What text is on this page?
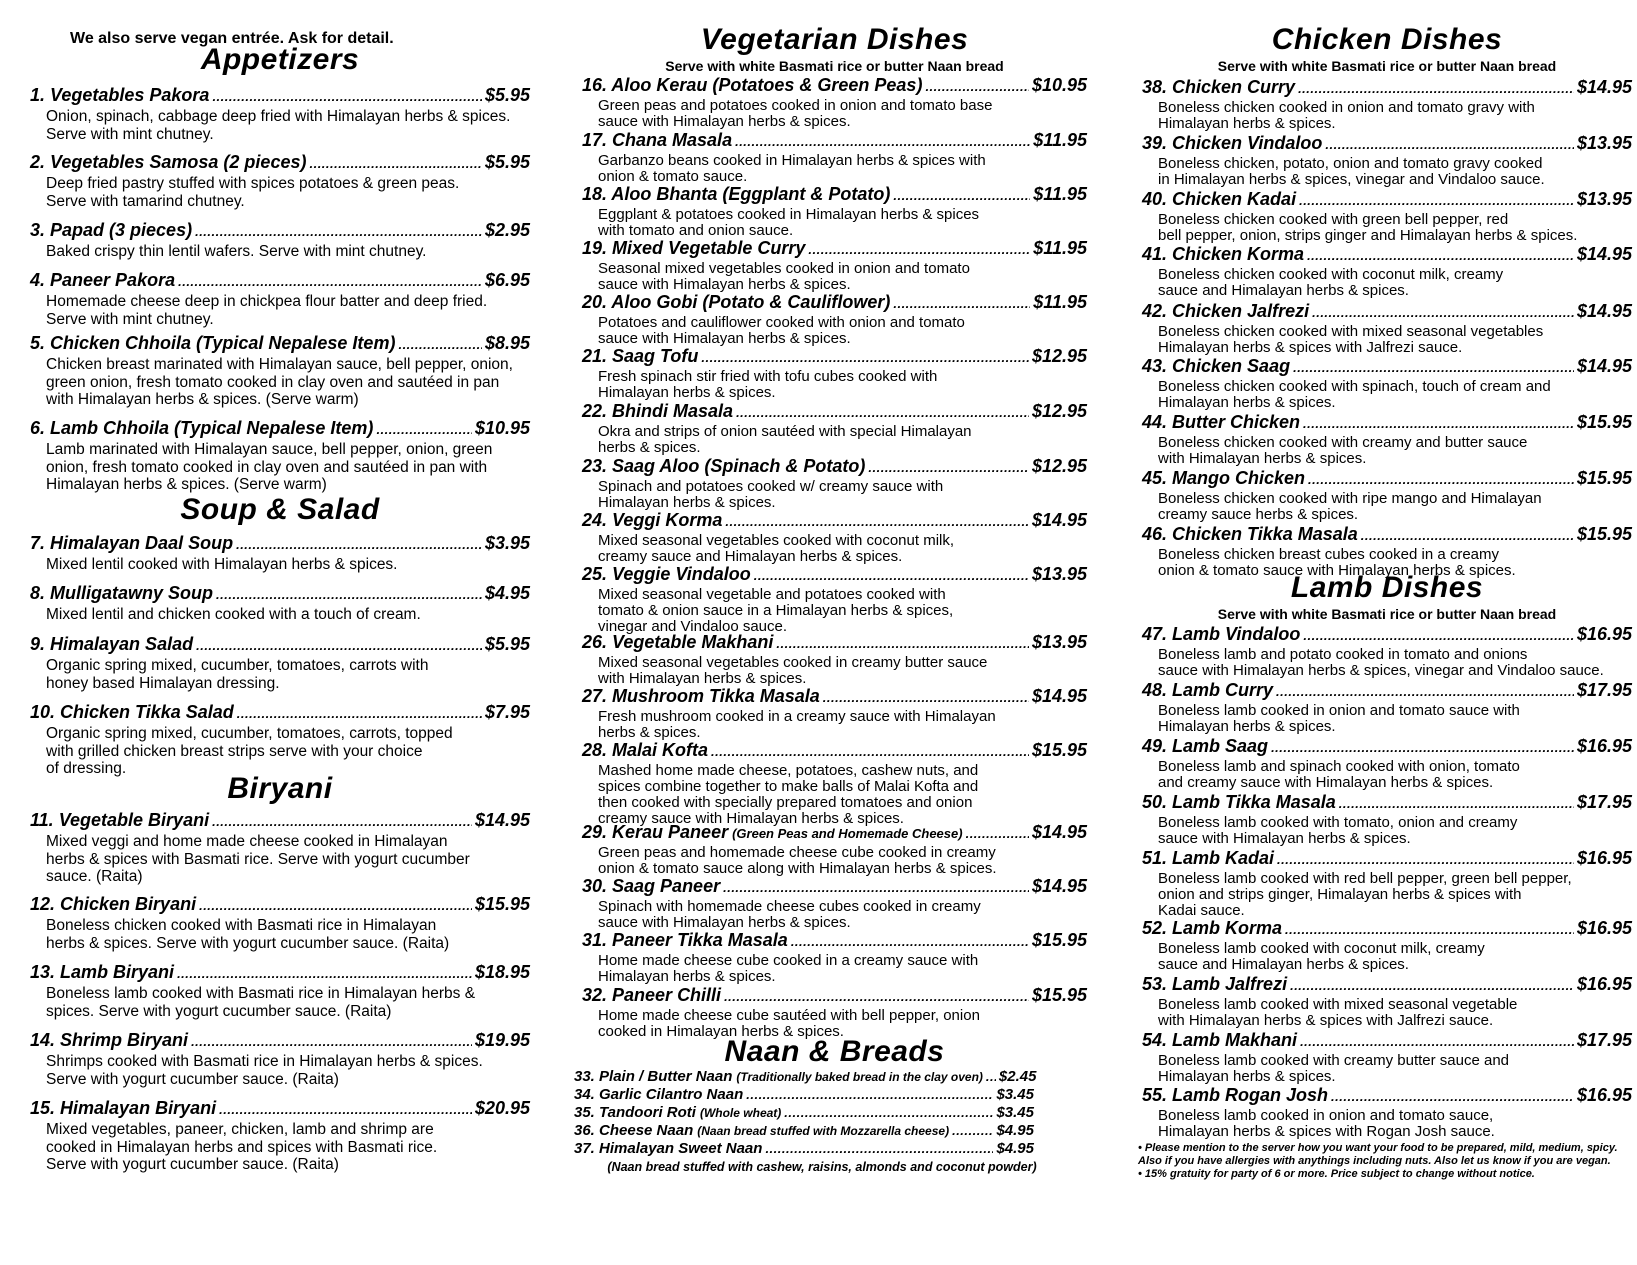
We also serve vegan entrée. Ask for detail.
Appetizers
1. Vegetables Pakora .....	$5.95
Onion, spinach, cabbage deep fried with Himalayan herbs & spices.
Serve with mint chutney.
2. Vegetables Samosa (2 pieces) .....	$5.95
Deep fried pastry stuffed with spices potatoes & green peas.
Serve with tamarind chutney.
3. Papad (3 pieces) .....	$2.95
Baked crispy thin lentil wafers. Serve with mint chutney.
4. Paneer Pakora .....	$6.95
Homemade cheese deep in chickpea flour batter and deep fried.
Serve with mint chutney.
5. Chicken Chhoila (Typical Nepalese Item) .....	$8.95
Chicken breast marinated with Himalayan sauce, bell pepper, onion,
green onion, fresh tomato cooked in clay oven and sautéed in pan
with Himalayan herbs & spices. (Serve warm)
6. Lamb Chhoila (Typical Nepalese Item) .....	$10.95
Lamb marinated with Himalayan sauce, bell pepper, onion, green
onion, fresh tomato cooked in clay oven and sautéed in pan with
Himalayan herbs & spices. (Serve warm)
Soup & Salad
7. Himalayan Daal Soup .....	$3.95
Mixed lentil cooked with Himalayan herbs & spices.
8. Mulligatawny Soup .....	$4.95
Mixed lentil and chicken cooked with a touch of cream.
9. Himalayan Salad .....	$5.95
Organic spring mixed, cucumber, tomatoes, carrots with
honey based Himalayan dressing.
10. Chicken Tikka Salad .....	$7.95
Organic spring mixed, cucumber, tomatoes, carrots, topped
with grilled chicken breast strips serve with your choice
of dressing.
Biryani
11. Vegetable Biryani .....	$14.95
Mixed veggi and home made cheese cooked in Himalayan
herbs & spices with Basmati rice. Serve with yogurt cucumber
sauce. (Raita)
12. Chicken Biryani .....	$15.95
Boneless chicken cooked with Basmati rice in Himalayan
herbs & spices. Serve with yogurt cucumber sauce. (Raita)
13. Lamb Biryani .....	$18.95
Boneless lamb cooked with Basmati rice in Himalayan herbs &
spices. Serve with yogurt cucumber sauce. (Raita)
14. Shrimp Biryani .....	$19.95
Shrimps cooked with Basmati rice in Himalayan herbs & spices.
Serve with yogurt cucumber sauce. (Raita)
15. Himalayan Biryani .....	$20.95
Mixed vegetables, paneer, chicken, lamb and shrimp are
cooked in Himalayan herbs and spices with Basmati rice.
Serve with yogurt cucumber sauce. (Raita)
Vegetarian Dishes
Serve with white Basmati rice or butter Naan bread
16. Aloo Kerau (Potatoes & Green Peas) .....	$10.95
Green peas and potatoes cooked in onion and tomato base
sauce with Himalayan herbs & spices.
17. Chana Masala .....	$11.95
Garbanzo beans cooked in Himalayan herbs & spices with
onion & tomato sauce.
18. Aloo Bhanta (Eggplant & Potato) .....	$11.95
Eggplant & potatoes cooked in Himalayan herbs & spices
with tomato and onion sauce.
19. Mixed Vegetable Curry .....	$11.95
Seasonal mixed vegetables cooked in onion and tomato
sauce with Himalayan herbs & spices.
20. Aloo Gobi (Potato & Cauliflower) .....	$11.95
Potatoes and cauliflower cooked with onion and tomato
sauce with Himalayan herbs & spices.
21. Saag Tofu .....	$12.95
Fresh spinach stir fried with tofu cubes cooked with
Himalayan herbs & spices.
22. Bhindi Masala .....	$12.95
Okra and strips of onion sautéed with special Himalayan
herbs & spices.
23. Saag Aloo (Spinach & Potato) .....	$12.95
Spinach and potatoes cooked w/ creamy sauce with
Himalayan herbs & spices.
24. Veggi Korma .....	$14.95
Mixed seasonal vegetables cooked with coconut milk,
creamy sauce and Himalayan herbs & spices.
25. Veggie Vindaloo .....	$13.95
Mixed seasonal vegetable and potatoes cooked with
tomato & onion sauce in a Himalayan herbs & spices,
vinegar and Vindaloo sauce.
26. Vegetable Makhani .....	$13.95
Mixed seasonal vegetables cooked in creamy butter sauce
with Himalayan herbs & spices.
27. Mushroom Tikka Masala .....	$14.95
Fresh mushroom cooked in a creamy sauce with Himalayan
herbs & spices.
28. Malai Kofta .....	$15.95
Mashed home made cheese, potatoes, cashew nuts, and
spices combine together to make balls of Malai Kofta and
then cooked with specially prepared tomatoes and onion
creamy sauce with Himalayan herbs & spices.
29. Kerau Paneer (Green Peas and Homemade Cheese) .....	$14.95
Green peas and homemade cheese cube cooked in creamy
onion & tomato sauce along with Himalayan herbs & spices.
30. Saag Paneer .....	$14.95
Spinach with homemade cheese cubes cooked in creamy
sauce with Himalayan herbs & spices.
31. Paneer Tikka Masala .....	$15.95
Home made cheese cube cooked in a creamy sauce with
Himalayan herbs & spices.
32. Paneer Chilli .....	$15.95
Home made cheese cube sautéed with bell pepper, onion
cooked in Himalayan herbs & spices.
Naan & Breads
33. Plain / Butter Naan (Traditionally baked bread in the clay oven) ..... $2.45
34. Garlic Cilantro Naan .....	$3.45
35. Tandoori Roti (Whole wheat) .....	$3.45
36. Cheese Naan (Naan bread stuffed with Mozzarella cheese) .....	$4.95
37. Himalayan Sweet Naan .....	$4.95
(Naan bread stuffed with cashew, raisins, almonds and coconut powder)
Chicken Dishes
Serve with white Basmati rice or butter Naan bread
38. Chicken Curry .....	$14.95
Boneless chicken cooked in onion and tomato gravy with
Himalayan herbs & spices.
39. Chicken Vindaloo .....	$13.95
Boneless chicken, potato, onion and tomato gravy cooked
in Himalayan herbs & spices, vinegar and Vindaloo sauce.
40. Chicken Kadai .....	$13.95
Boneless chicken cooked with green bell pepper, red
bell pepper, onion, strips ginger and Himalayan herbs & spices.
41. Chicken Korma .....	$14.95
Boneless chicken cooked with coconut milk, creamy
sauce and Himalayan herbs & spices.
42. Chicken Jalfrezi .....	$14.95
Boneless chicken cooked with mixed seasonal vegetables
Himalayan herbs & spices with Jalfrezi sauce.
43. Chicken Saag .....	$14.95
Boneless chicken cooked with spinach, touch of cream and
Himalayan herbs & spices.
44. Butter Chicken .....	$15.95
Boneless chicken cooked with creamy and butter sauce
with Himalayan herbs & spices.
45. Mango Chicken .....	$15.95
Boneless chicken cooked with ripe mango and Himalayan
creamy sauce herbs & spices.
46. Chicken Tikka Masala .....	$15.95
Boneless chicken breast cubes cooked in a creamy
onion & tomato sauce with Himalayan herbs & spices.
Lamb Dishes
Serve with white Basmati rice or butter Naan bread
47. Lamb Vindaloo .....	$16.95
Boneless lamb and potato cooked in tomato and onions
sauce with Himalayan herbs & spices, vinegar and Vindaloo sauce.
48. Lamb Curry .....	$17.95
Boneless lamb cooked in onion and tomato sauce with
Himalayan herbs & spices.
49. Lamb Saag .....	$16.95
Boneless lamb and spinach cooked with onion, tomato
and creamy sauce with Himalayan herbs & spices.
50. Lamb Tikka Masala .....	$17.95
Boneless lamb cooked with tomato, onion and creamy
sauce with Himalayan herbs & spices.
51. Lamb Kadai .....	$16.95
Boneless lamb cooked with red bell pepper, green bell pepper,
onion and strips ginger, Himalayan herbs & spices with
Kadai sauce.
52. Lamb Korma .....	$16.95
Boneless lamb cooked with coconut milk, creamy
sauce and Himalayan herbs & spices.
53. Lamb Jalfrezi .....	$16.95
Boneless lamb cooked with mixed seasonal vegetable
with Himalayan herbs & spices with Jalfrezi sauce.
54. Lamb Makhani .....	$17.95
Boneless lamb cooked with creamy butter sauce and
Himalayan herbs & spices.
55. Lamb Rogan Josh .....	$16.95
Boneless lamb cooked in onion and tomato sauce,
Himalayan herbs & spices with Rogan Josh sauce.
• Please mention to the server how you want your food to be prepared, mild, medium, spicy.
Also if you have allergies with anythings including nuts. Also let us know if you are vegan.
• 15% gratuity for party of 6 or more. Price subject to change without notice.
